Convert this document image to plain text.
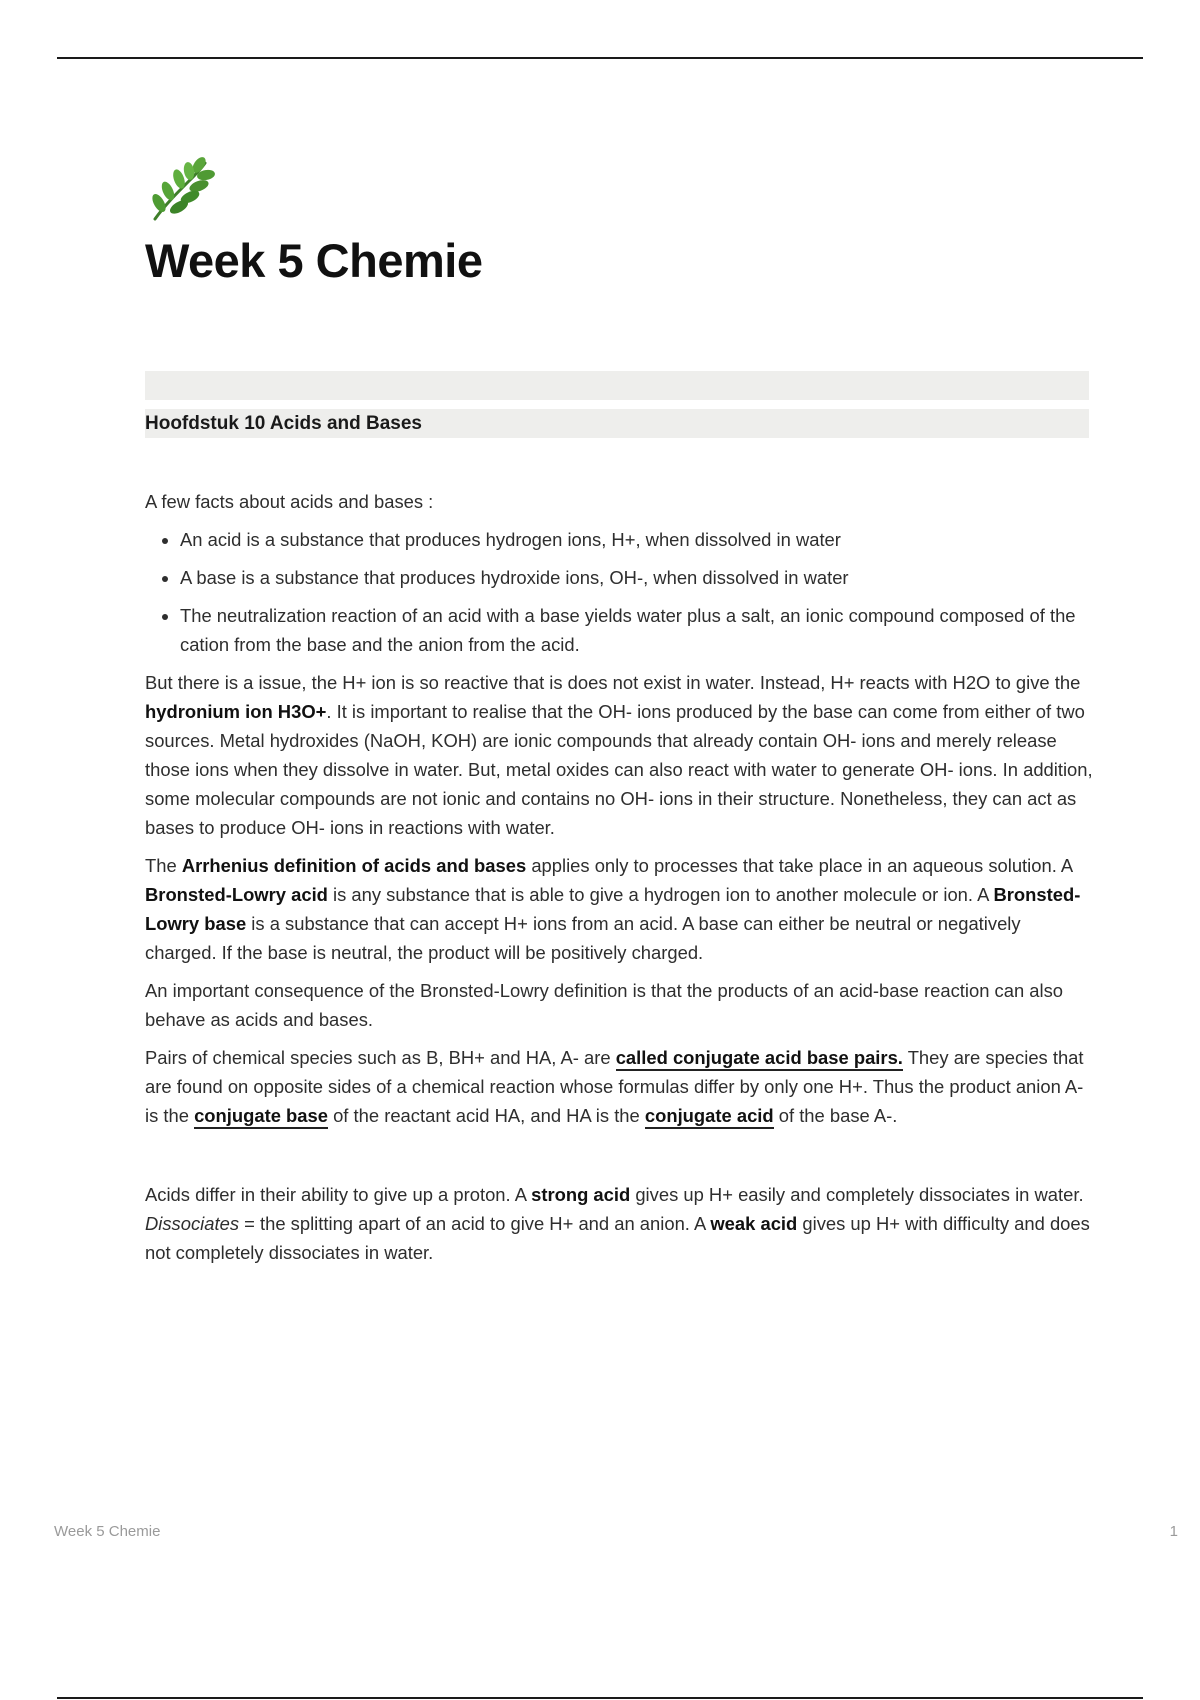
Week 5 Chemie
Hoofdstuk 10 Acids and Bases

A few facts about acids and bases :

• An acid is a substance that produces hydrogen ions, H+, when dissolved in water
• A base is a substance that produces hydroxide ions, OH-, when dissolved in water
• The neutralization reaction of an acid with a base yields water plus a salt, an ionic compound composed of the cation from the base and the anion from the acid.

But there is a issue, the H+ ion is so reactive that is does not exist in water. Instead, H+ reacts with H2O to give the hydronium ion H3O+. It is important to realise that the OH- ions produced by the base can come from either of two sources. Metal hydroxides (NaOH, KOH) are ionic compounds that already contain OH- ions and merely release those ions when they dissolve in water. But, metal oxides can also react with water to generate OH- ions. In addition, some molecular compounds are not ionic and contains no OH- ions in their structure. Nonetheless, they can act as bases to produce OH- ions in reactions with water.

The Arrhenius definition of acids and bases applies only to processes that take place in an aqueous solution. A Bronsted-Lowry acid is any substance that is able to give a hydrogen ion to another molecule or ion. A Bronsted-Lowry base is a substance that can accept H+ ions from an acid. A base can either be neutral or negatively charged. If the base is neutral, the product will be positively charged.

An important consequence of the Bronsted-Lowry definition is that the products of an acid-base reaction can also behave as acids and bases.

Pairs of chemical species such as B, BH+ and HA, A- are called conjugate acid base pairs. They are species that are found on opposite sides of a chemical reaction whose formulas differ by only one H+. Thus the product anion A- is the conjugate base of the reactant acid HA, and HA is the conjugate acid of the base A-.

Acids differ in their ability to give up a proton. A strong acid gives up H+ easily and completely dissociates in water. Dissociates = the splitting apart of an acid to give H+ and an anion. A weak acid gives up H+ with difficulty and does not completely dissociates in water.

Week 5 Chemie	1
